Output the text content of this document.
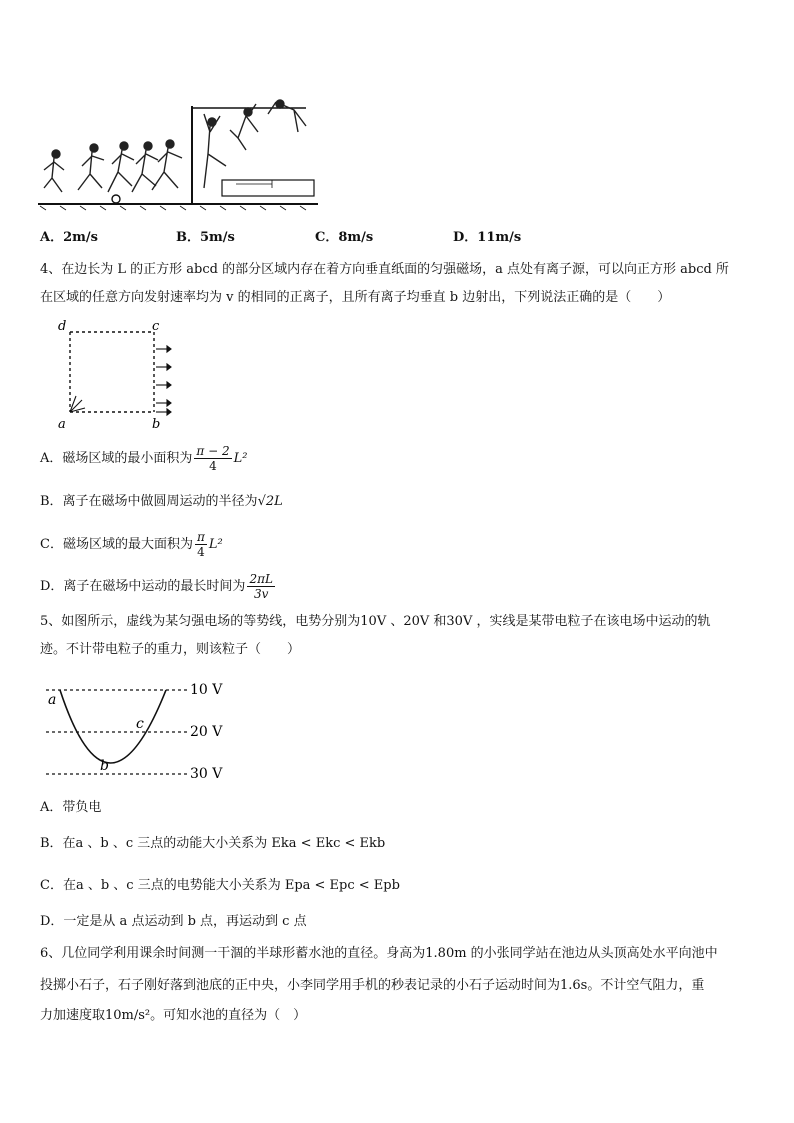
A．2m/s	B．5m/s	C．8m/s	D．11m/s
4、在边长为 L 的正方形 abcd 的部分区域内存在着方向垂直纸面的匀强磁场，a 点处有离子源，可以向正方形 abcd 所
在区域的任意方向发射速率均为 v 的相同的正离子，且所有离子均垂直 b 边射出，下列说法正确的是（　　）
d	c
a	b
A．磁场区域的最小面积为 $\frac{\pi - 2}{4} L^2$
B．离子在磁场中做圆周运动的半径为√2L
C．磁场区域的最大面积为 $\frac{\pi}{4} L^2$
D．离子在磁场中运动的最长时间为 $\frac{2\pi L}{3v}$
5、如图所示，虚线为某匀强电场的等势线，电势分别为10V 、20V 和30V ，实线是某带电粒子在该电场中运动的轨
迹。不计带电粒子的重力，则该粒子（　　）
10 V
20 V
30 V
a
b
c
A．带负电
B．在a 、b 、c 三点的动能大小关系为 Eka < Ekc < Ekb
C．在a 、b 、c 三点的电势能大小关系为 Epa < Epc < Epb
D．一定是从 a 点运动到 b 点，再运动到 c 点
6、几位同学利用课余时间测一干涸的半球形蓄水池的直径。身高为1.80m 的小张同学站在池边从头顶高处水平向池中
投掷小石子，石子刚好落到池底的正中央，小李同学用手机的秒表记录的小石子运动时间为1.6s。不计空气阻力，重
力加速度取10m/s²。可知水池的直径为（　）
